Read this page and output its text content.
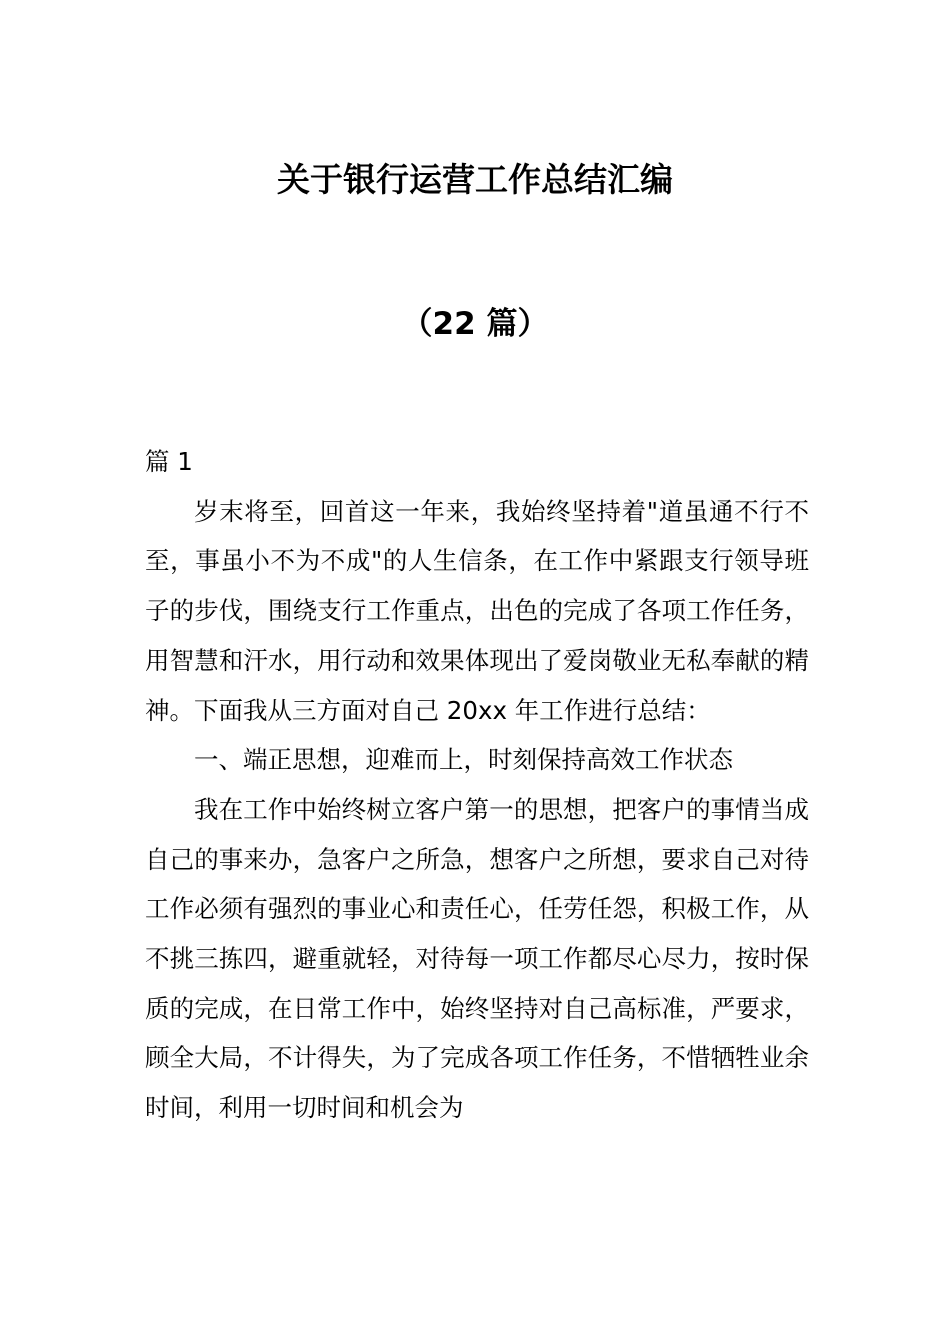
关于银行运营工作总结汇编
（22 篇）

篇 1

岁末将至，回首这一年来，我始终坚持着"道虽通不行不至，事虽小不为不成"的人生信条，在工作中紧跟支行领导班子的步伐，围绕支行工作重点，出色的完成了各项工作任务，用智慧和汗水，用行动和效果体现出了爱岗敬业无私奉献的精神。下面我从三方面对自己 20xx 年工作进行总结：

一、端正思想，迎难而上，时刻保持高效工作状态

我在工作中始终树立客户第一的思想，把客户的事情当成自己的事来办，急客户之所急，想客户之所想，要求自己对待工作必须有强烈的事业心和责任心，任劳任怨，积极工作，从不挑三拣四，避重就轻，对待每一项工作都尽心尽力，按时保质的完成，在日常工作中，始终坚持对自己高标准，严要求，顾全大局，不计得失，为了完成各项工作任务，不惜牺牲业余时间，利用一切时间和机会为
